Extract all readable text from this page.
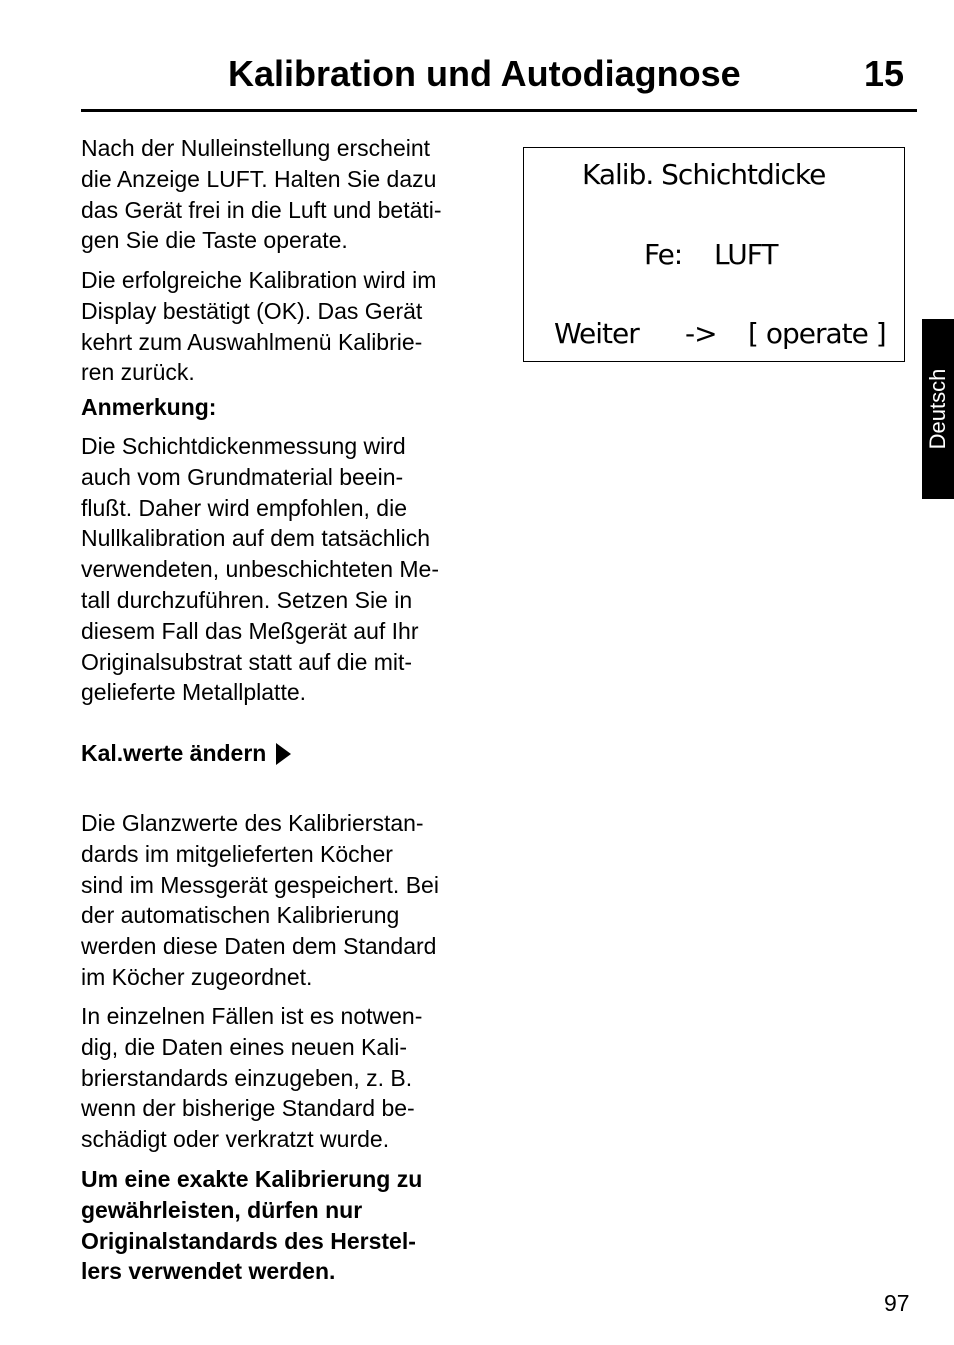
Kalibration und Autodiagnose	15

Nach der Nulleinstellung erscheint

die Anzeige LUFT. Halten Sie dazu

das Gerät frei in die Luft und betäti-

gen Sie die Taste operate.

Die erfolgreiche Kalibration wird im

Display bestätigt (OK). Das Gerät

kehrt zum Auswahlmenü Kalibrie-

ren zurück.

Anmerkung:

Die Schichtdickenmessung wird

auch vom Grundmaterial beein-

flußt. Daher wird empfohlen, die

Nullkalibration auf dem tatsächlich

verwendeten, unbeschichteten Me-

tall durchzuführen. Setzen Sie in

diesem Fall das Meßgerät auf Ihr

Originalsubstrat statt auf die mit-

gelieferte Metallplatte.

Kal.werte ändern

Die Glanzwerte des Kalibrierstan-

dards im mitgelieferten Köcher

sind im Messgerät gespeichert. Bei

der automatischen Kalibrierung

werden diese Daten dem Standard

im Köcher zugeordnet.

In einzelnen Fällen ist es notwen-

dig, die Daten eines neuen Kali-

brierstandards einzugeben, z. B.

wenn der bisherige Standard be-

schädigt oder verkratzt wurde.

Um eine exakte Kalibrierung zu

gewährleisten, dürfen nur

Originalstandards des Herstel-

lers verwendet werden.

Kalib. Schichtdicke
Fe: LUFT
Weiter -> [ operate ]
Deutsch
97
